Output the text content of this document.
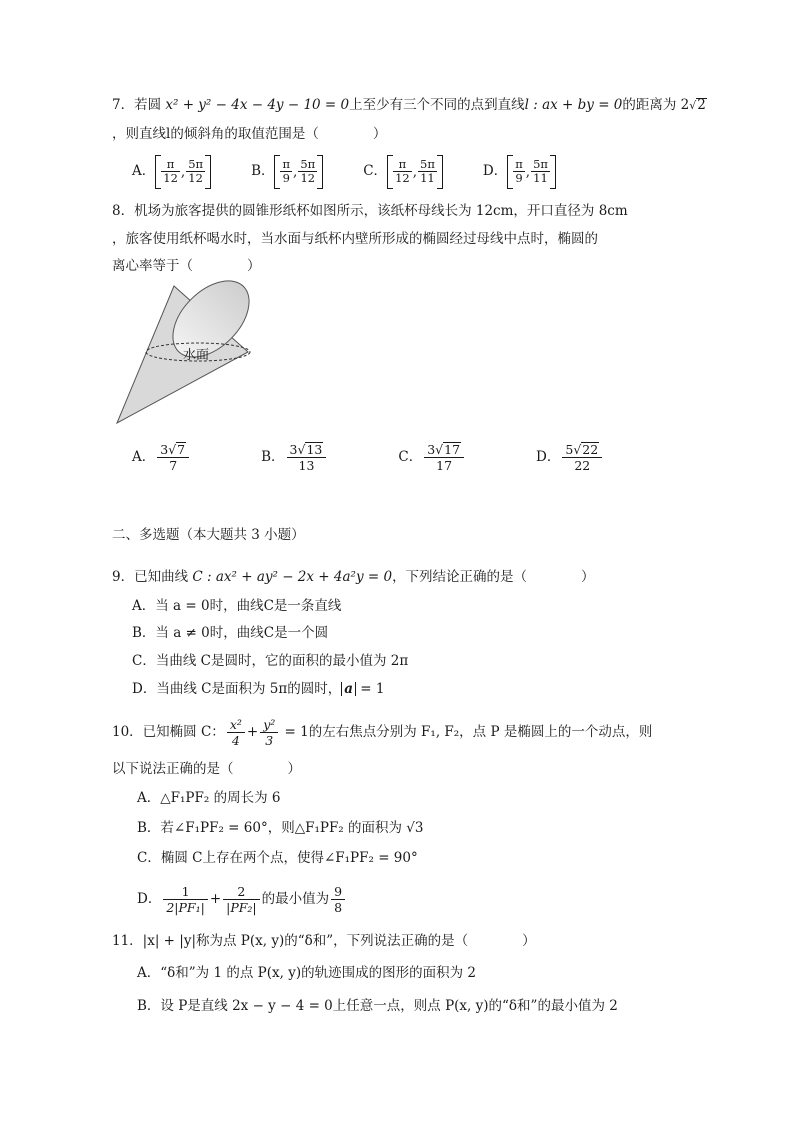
7．若圆 x² + y² − 4x − 4y − 10 = 0上至少有三个不同的点到直线l : ax + by = 0的距离为 2√2
，则直线l的倾斜角的取值范围是（　　　　）
A． $\frac{\pi}{12}$ , $\frac{5\pi}{12}$	B． $\frac{\pi}{9}$ , $\frac{5\pi}{12}$	C． $\frac{\pi}{12}$ , $\frac{5\pi}{11}$	D． $\frac{\pi}{9}$ , $\frac{5\pi}{11}$
8．机场为旅客提供的圆锥形纸杯如图所示，该纸杯母线长为 12cm，开口直径为 8cm
，旅客使用纸杯喝水时，当水面与纸杯内壁所形成的椭圆经过母线中点时，椭圆的
离心率等于（　　　　）
水面
A． $\frac{3√7}{7}$	B． $\frac{3√13}{13}$	C． $\frac{3√17}{17}$	D． $\frac{5√22}{22}$
二、多选题（本大题共 3 小题）
9．已知曲线 C : ax² + ay² − 2x + 4a²y = 0，下列结论正确的是（　　　　）
A．当 a = 0时，曲线C是一条直线
B．当 a ≠ 0时，曲线C是一个圆
C．当曲线 C是圆时，它的面积的最小值为 2π
D．当曲线 C是面积为 5π的圆时， a = 1
10．已知椭圆 C： $\frac{\text{x²}}{4} + \frac{\text{y²}}{3} = 1$的左右焦点分别为 F₁, F₂，点 P 是椭圆上的一个动点，则
以下说法正确的是（　　　　）
A．△F₁PF₂ 的周长为 6
B．若∠F₁PF₂ = 60°，则△F₁PF₂ 的面积为 √3
C．椭圆 C上存在两个点，使得∠F₁PF₂ = 90°
D． $\frac{1}{\text{2|PF₁|}} + \frac{2}{\text{|PF₂|}}$ 的最小值为 $\frac{9}{8}$
11．|x| + |y|称为点 P(x, y)的“δ和”，下列说法正确的是（　　　　）
A．“δ和”为 1 的点 P(x, y)的轨迹围成的图形的面积为 2
B．设 P是直线 2x − y − 4 = 0上任意一点，则点 P(x, y)的“δ和”的最小值为 2
